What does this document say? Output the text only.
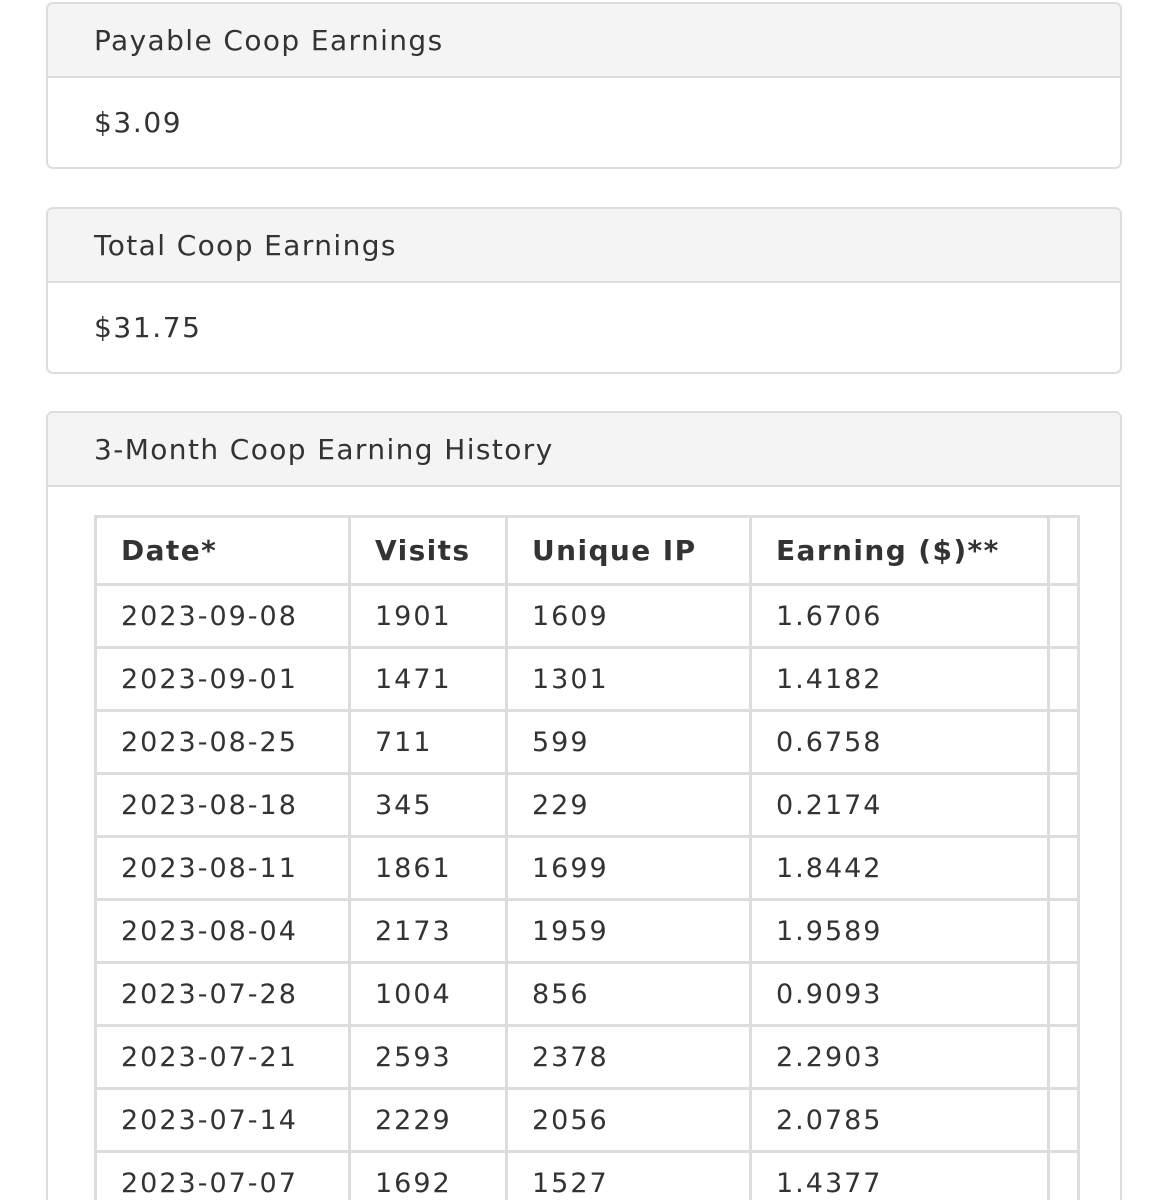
Payable Coop Earnings
$3.09
Total Coop Earnings
$31.75
3-Month Coop Earning History
Date*	Visits	Unique IP	Earning ($)**	
2023-09-08	1901	1609	1.6706	
2023-09-01	1471	1301	1.4182	
2023-08-25	711	599	0.6758	
2023-08-18	345	229	0.2174	
2023-08-11	1861	1699	1.8442	
2023-08-04	2173	1959	1.9589	
2023-07-28	1004	856	0.9093	
2023-07-21	2593	2378	2.2903	
2023-07-14	2229	2056	2.0785	
2023-07-07	1692	1527	1.4377	
